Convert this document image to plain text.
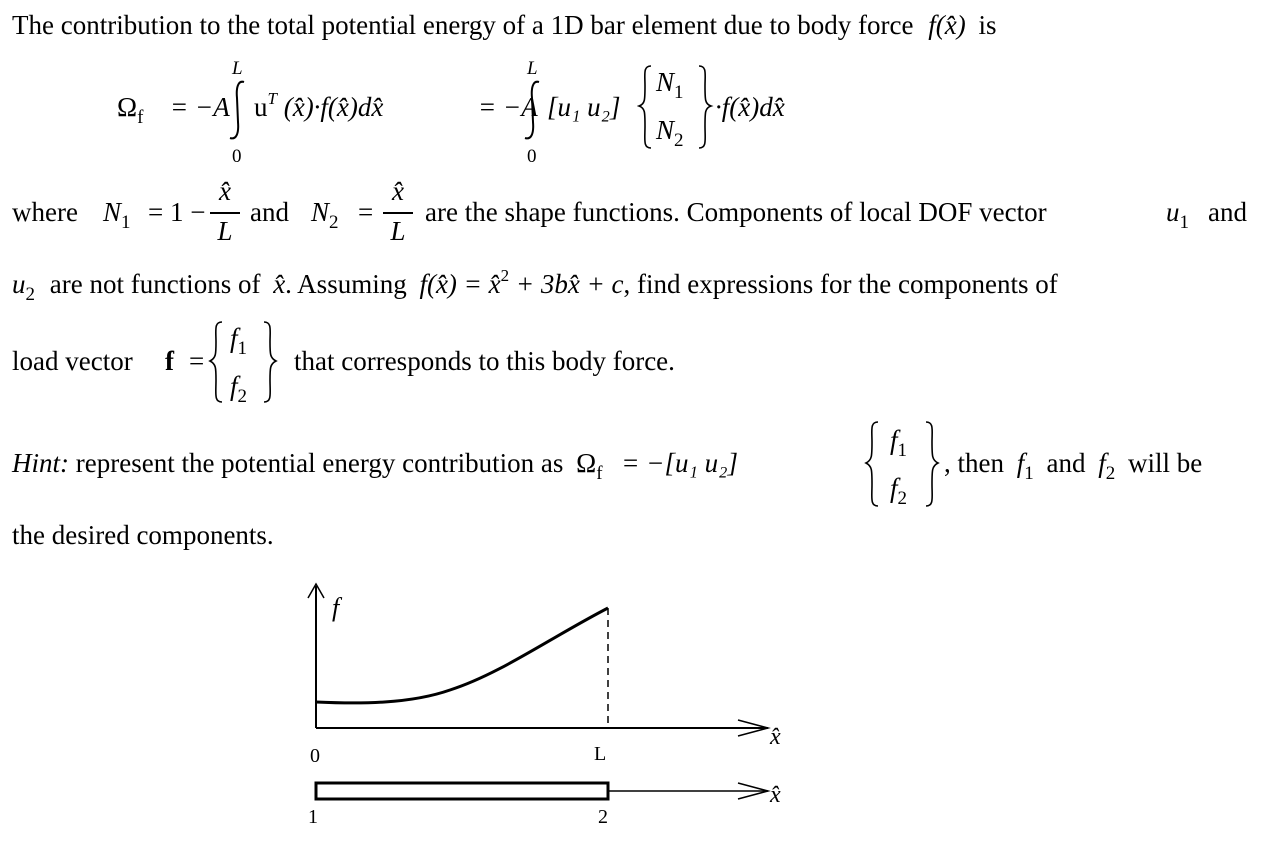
The contribution to the total potential energy of a 1D bar element due to body force f(x̂) is
$\Omega_f = -A$
L
0
$u^T$ (x̂)·f(x̂)dx̂	= −A
L
0
[u₁ u₂]
$N_1$
$N_2$
·f(x̂)dx̂
where $N_1 = 1$ −
x̂
L
and $N_2$ =
x̂
L
are the shape functions. Components of local DOF vector	$u_1$ and
$u_2$ are not functions of x̂. Assuming f(x̂) = x̂$^2$ + 3bx̂ + c, find expressions for the components of
load vector f =
$f_1$
$f_2$
that corresponds to this body force.
Hint: represent the potential energy contribution as $\Omega_f = -[u_1$ u₂]
$f_1$
$f_2$
, then $f_1$ and $f_2$ will be
the desired components.
f
x̂
0	L
x̂
1	2
